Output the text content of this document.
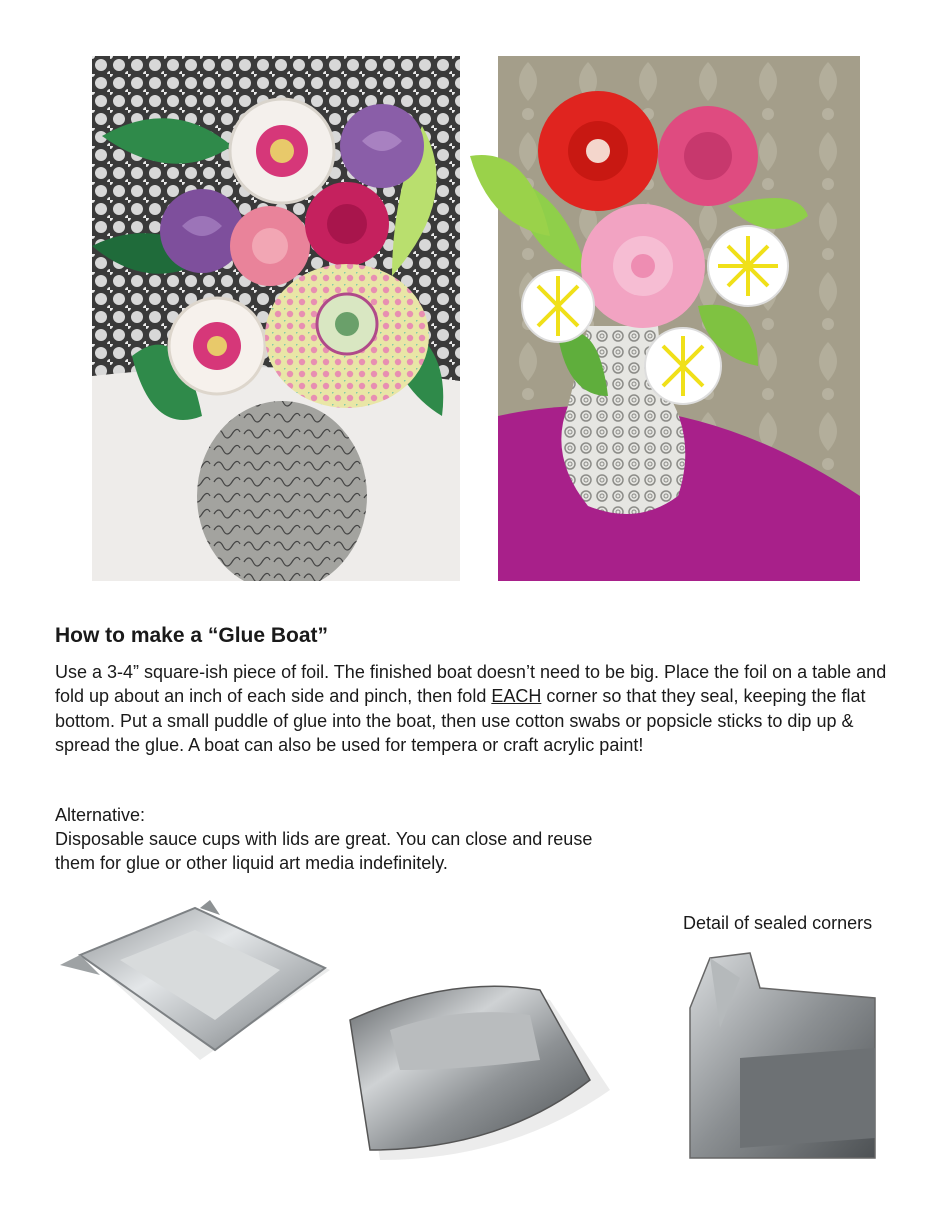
How to make a “Glue Boat”

Use a 3-4” square-ish piece of foil. The finished boat doesn’t need to be big. Place the foil on a table and fold up about an inch of each side and pinch, then fold EACH corner so that they seal, keeping the flat bottom. Put a small puddle of glue into the boat, then use cotton swabs or popsicle sticks to dip up & spread the glue. A boat can also be used for tempera or craft acrylic paint!

Alternative:

Disposable sauce cups with lids are great. You can close and reuse them for glue or other liquid art media indefinitely.

Detail of sealed corners
